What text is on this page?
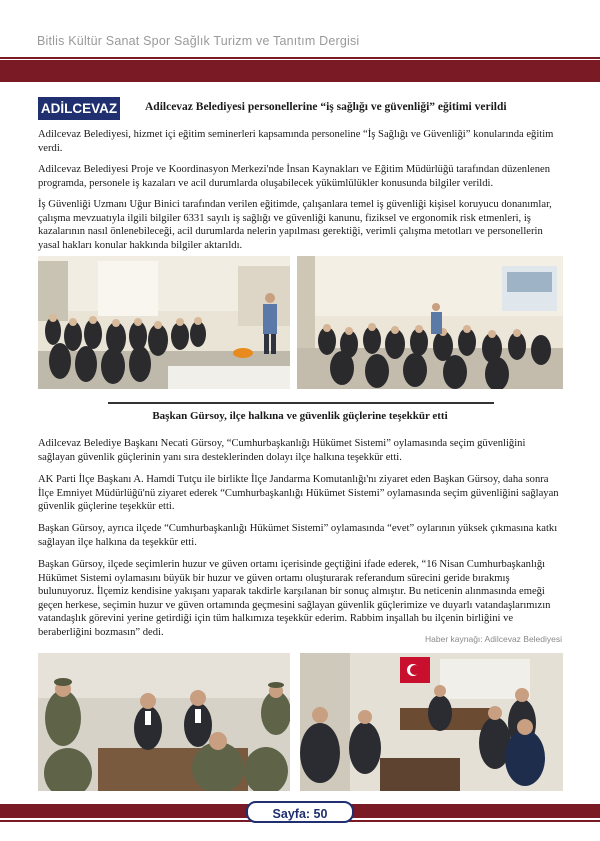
Bitlis Kültür Sanat Spor Sağlık Turizm ve Tanıtım Dergisi
ADİLCEVAZ Adilcevaz Belediyesi personellerine “iş sağlığı ve güvenliği” eğitimi verildi

Adilcevaz Belediyesi, hizmet içi eğitim seminerleri kapsamında personeline “İş Sağlığı ve Güvenliği” konularında eğitim verdi.

Adilcevaz Belediyesi Proje ve Koordinasyon Merkezi'nde İnsan Kaynakları ve Eğitim Müdürlüğü tarafından düzenlenen programda, personele iş kazaları ve acil durumlarda oluşabilecek yükümlülükler konusunda bilgiler verildi.

İş Güvenliği Uzmanı Uğur Binici tarafından verilen eğitimde, çalışanlara temel iş güvenliği kişisel koruyucu donanımlar, çalışma mevzuatıyla ilgili bilgiler 6331 sayılı iş sağlığı ve güvenliği kanunu, fiziksel ve ergonomik risk etmenleri, iş kazalarının nasıl önlenebileceği, acil durumlarda nelerin yapılması gerektiği, verimli çalışma metotları ve personellerin yasal hakları konular hakkında bilgiler aktarıldı.

Başkan Gürsoy, ilçe halkına ve güvenlik güçlerine teşekkür etti

Adilcevaz Belediye Başkanı Necati Gürsoy, “Cumhurbaşkanlığı Hükümet Sistemi” oylamasında seçim güvenliğini sağlayan güvenlik güçlerinin yanı sıra desteklerinden dolayı ilçe halkına teşekkür etti.

AK Parti İlçe Başkanı A. Hamdi Tutçu ile birlikte İlçe Jandarma Komutanlığı'nı ziyaret eden Başkan Gürsoy, daha sonra İlçe Emniyet Müdürlüğü'nü ziyaret ederek “Cumhurbaşkanlığı Hükümet Sistemi” oylamasında seçim güvenliğini sağlayan güvenlik güçlerine teşekkür etti.

Başkan Gürsoy, ayrıca ilçede “Cumhurbaşkanlığı Hükümet Sistemi” oylamasında “evet” oylarının yüksek çıkmasına katkı sağlayan ilçe halkına da teşekkür etti.

Başkan Gürsoy, ilçede seçimlerin huzur ve güven ortamı içerisinde geçtiğini ifade ederek, “16 Nisan Cumhurbaşkanlığı Hükümet Sistemi oylamasını büyük bir huzur ve güven ortamı oluşturarak referandum sürecini geride bırakmış bulunuyoruz. İlçemiz kendisine yakışanı yaparak takdirle karşılanan bir sonuç almıştır. Bu neticenin alınmasında emeği geçen herkese, seçimin huzur ve güven ortamında geçmesini sağlayan güvenlik güçlerimize ve duyarlı vatandaşlarımızın vatandaşlık görevini yerine getirdiği için tüm halkımıza teşekkür ederim. Rabbim inşallah bu ilçenin birliğini ve beraberliğini bozmasın” dedi.

Haber kaynağı: Adilcevaz Belediyesi
Sayfa: 50
